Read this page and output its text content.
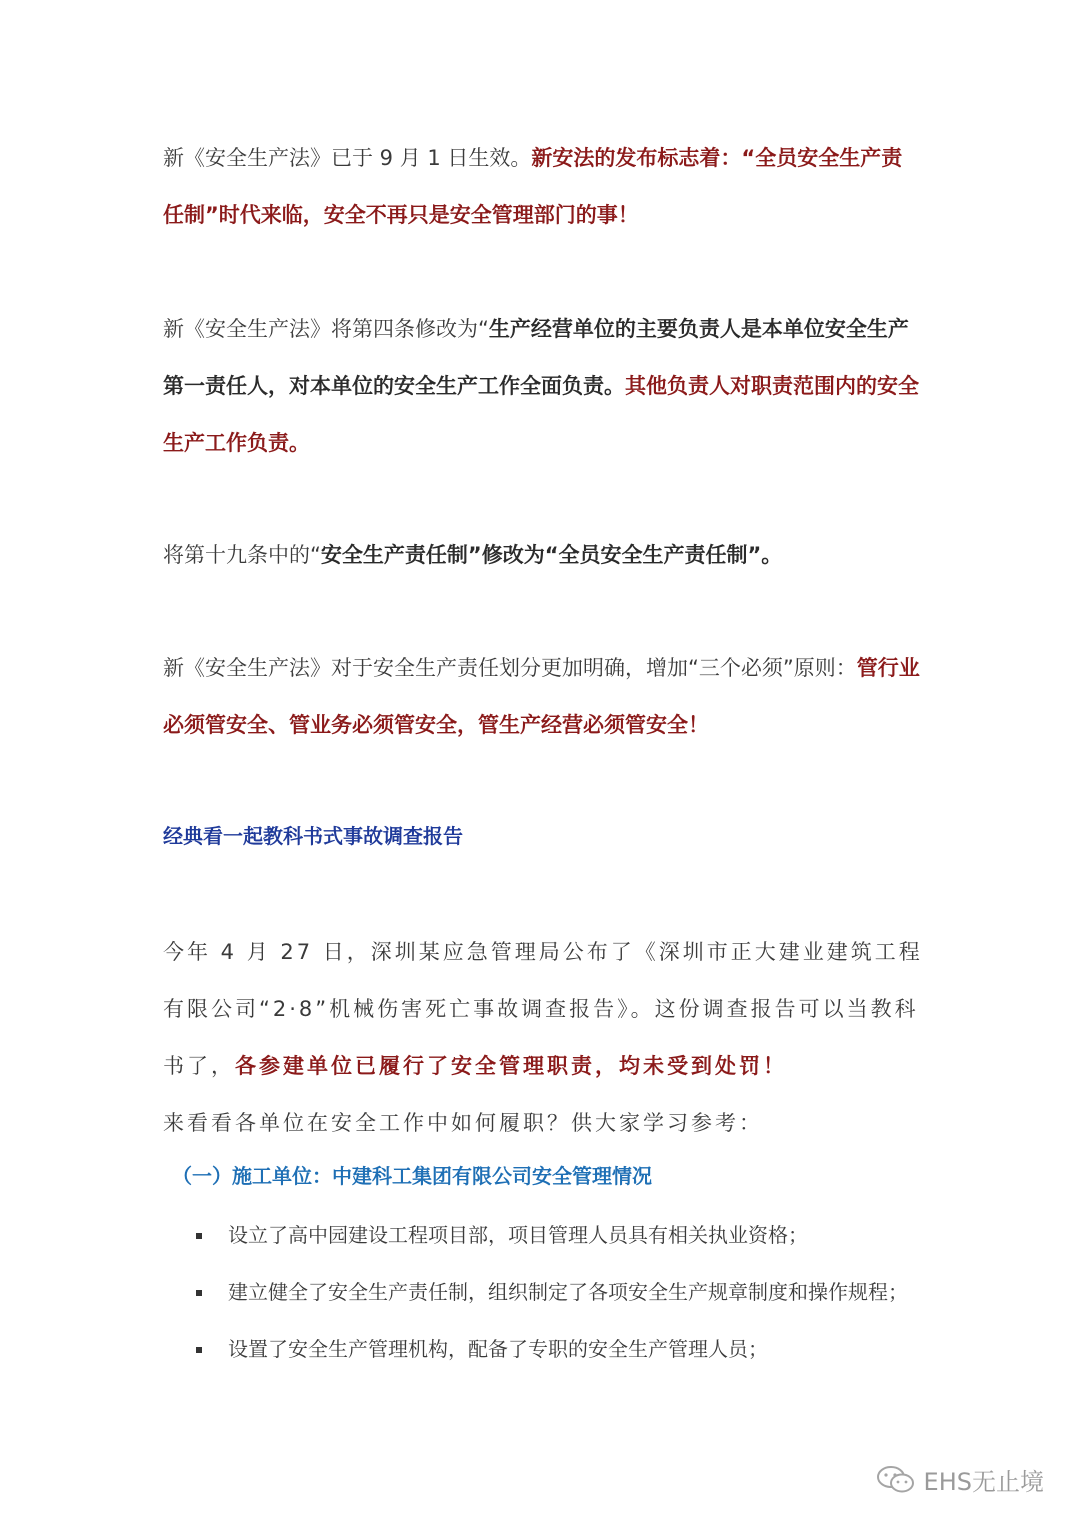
新《安全生产法》已于 9 月 1 日生效。新安法的发布标志着：“全员安全生产责任制”时代来临，安全不再只是安全管理部门的事！

新《安全生产法》将第四条修改为“生产经营单位的主要负责人是本单位安全生产第一责任人，对本单位的安全生产工作全面负责。其他负责人对职责范围内的安全生产工作负责。

将第十九条中的“安全生产责任制”修改为“全员安全生产责任制”。

新《安全生产法》对于安全生产责任划分更加明确，增加“三个必须”原则：管行业必须管安全、管业务必须管安全，管生产经营必须管安全！

经典看一起教科书式事故调查报告

今年 4 月 27 日，深圳某应急管理局公布了《深圳市正大建业建筑工程有限公司“2·8”机械伤害死亡事故调查报告》。这份调查报告可以当教科书了，各参建单位已履行了安全管理职责，均未受到处罚！
来看看各单位在安全工作中如何履职？供大家学习参考：

（一）施工单位：中建科工集团有限公司安全管理情况
设立了高中园建设工程项目部，项目管理人员具有相关执业资格；
建立健全了安全生产责任制，组织制定了各项安全生产规章制度和操作规程；
设置了安全生产管理机构，配备了专职的安全生产管理人员；
EHS无止境
